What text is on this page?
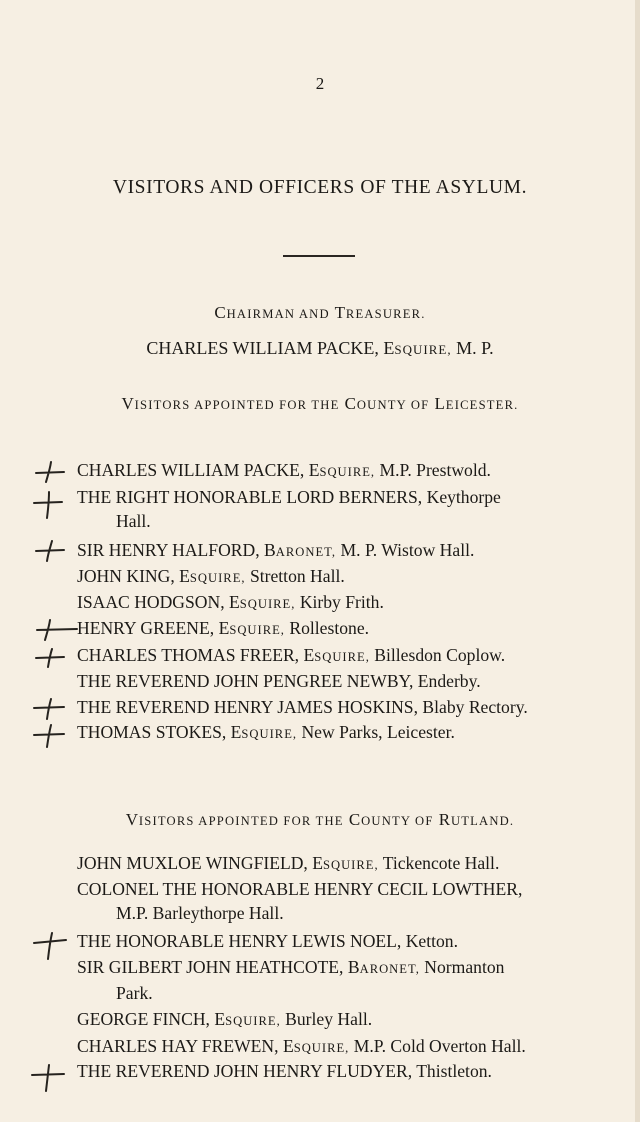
2
VISITORS AND OFFICERS OF THE ASYLUM.
CHAIRMAN AND TREASURER.
CHARLES WILLIAM PACKE, ESQUIRE, M. P.
VISITORS APPOINTED FOR THE COUNTY OF LEICESTER.
CHARLES WILLIAM PACKE, ESQUIRE, M.P. Prestwold.
THE RIGHT HONORABLE LORD BERNERS, Keythorpe
Hall.
SIR HENRY HALFORD, BARONET, M. P. Wistow Hall.
JOHN KING, ESQUIRE, Stretton Hall.
ISAAC HODGSON, ESQUIRE, Kirby Frith.
HENRY GREENE, ESQUIRE, Rollestone.
CHARLES THOMAS FREER, ESQUIRE, Billesdon Coplow.
THE REVEREND JOHN PENGREE NEWBY, Enderby.
THE REVEREND HENRY JAMES HOSKINS, Blaby Rectory.
THOMAS STOKES, ESQUIRE, New Parks, Leicester.
VISITORS APPOINTED FOR THE COUNTY OF RUTLAND.
JOHN MUXLOE WINGFIELD, ESQUIRE, Tickencote Hall.
COLONEL THE HONORABLE HENRY CECIL LOWTHER,
M.P. Barleythorpe Hall.
THE HONORABLE HENRY LEWIS NOEL, Ketton.
SIR GILBERT JOHN HEATHCOTE, BARONET, Normanton
Park.
GEORGE FINCH, ESQUIRE, Burley Hall.
CHARLES HAY FREWEN, ESQUIRE, M.P. Cold Overton Hall.
THE REVEREND JOHN HENRY FLUDYER, Thistleton.
